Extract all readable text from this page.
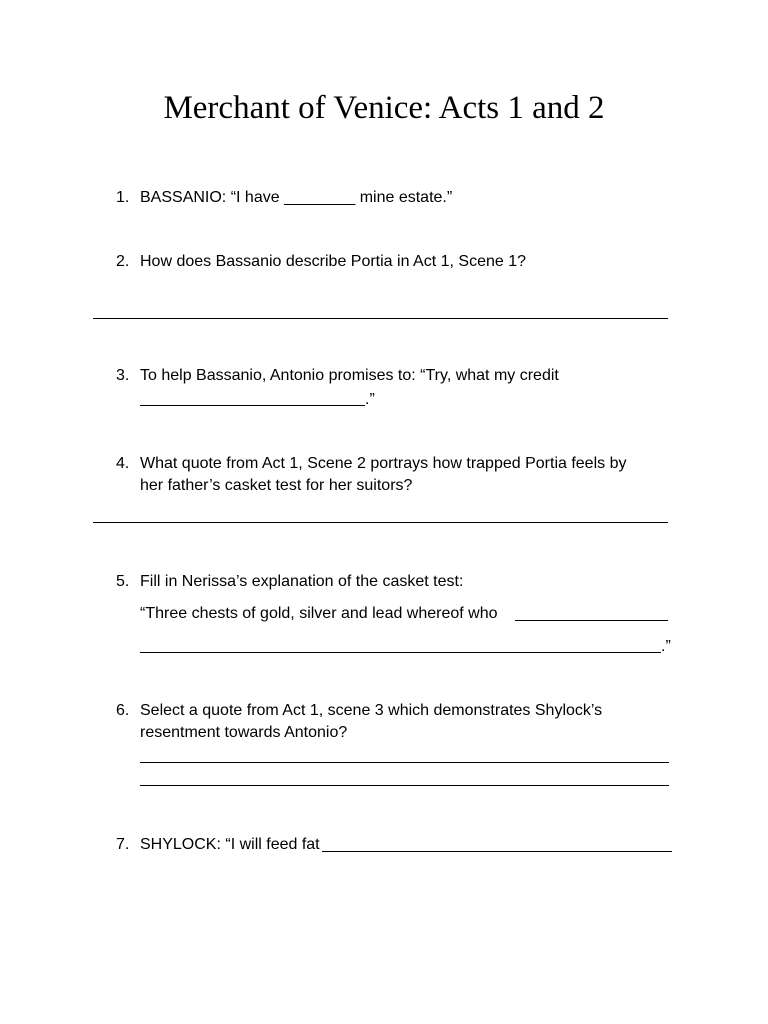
Merchant of Venice: Acts 1 and 2
1. BASSANIO: “I have ________ mine estate.”
2. How does Bassanio describe Portia in Act 1, Scene 1?
3. To help Bassanio, Antonio promises to: “Try, what my credit
.”
4. What quote from Act 1, Scene 2 portrays how trapped Portia feels by
her father’s casket test for her suitors?
5. Fill in Nerissa’s explanation of the casket test:
“Three chests of gold, silver and lead whereof who
.”
6. Select a quote from Act 1, scene 3 which demonstrates Shylock’s
resentment towards Antonio?
7. SHYLOCK: “I will feed fat
